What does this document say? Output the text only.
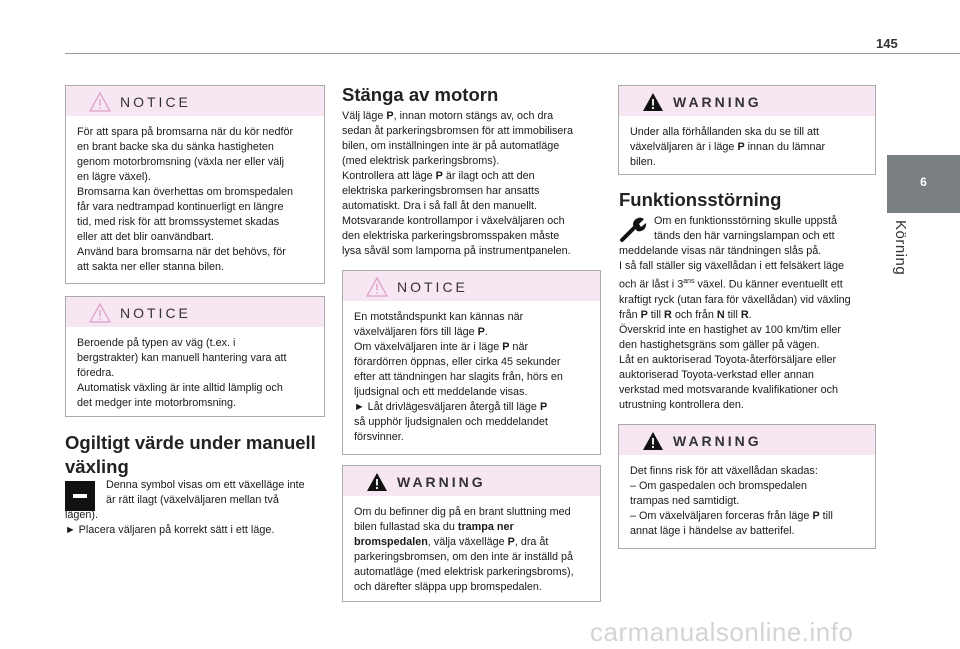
145
6
Körning
NOTICE

För att spara på bromsarna när du kör nedför

en brant backe ska du sänka hastigheten

genom motorbromsning (växla ner eller välj

en lägre växel).

Bromsarna kan överhettas om bromspedalen

får vara nedtrampad kontinuerligt en längre

tid, med risk för att bromssystemet skadas

eller att det blir oanvändbart.

Använd bara bromsarna när det behövs, för

att sakta ner eller stanna bilen.

NOTICE

Beroende på typen av väg (t.ex. i

bergstrakter) kan manuell hantering vara att

föredra.

Automatisk växling är inte alltid lämplig och

det medger inte motorbromsning.

Ogiltigt värde under manuell
växling

Denna symbol visas om ett växelläge inte

är rätt ilagt (växelväljaren mellan två

lägen).

► Placera väljaren på korrekt sätt i ett läge.

Stänga av motorn

Välj läge P, innan motorn stängs av, och dra

sedan åt parkeringsbromsen för att immobilisera

bilen, om inställningen inte är på automatläge

(med elektrisk parkeringsbroms).

Kontrollera att läge P är ilagt och att den

elektriska parkeringsbromsen har ansatts

automatiskt. Dra i så fall åt den manuellt.

Motsvarande kontrollampor i växelväljaren och

den elektriska parkeringsbromsspaken måste

lysa såväl som lamporna på instrumentpanelen.

NOTICE

En motståndspunkt kan kännas när

växelväljaren förs till läge P.

Om växelväljaren inte är i läge P när

förardörren öppnas, eller cirka 45 sekunder

efter att tändningen har slagits från, hörs en

ljudsignal och ett meddelande visas.

► Låt drivlägesväljaren återgå till läge P

så upphör ljudsignalen och meddelandet

försvinner.

WARNING

Om du befinner dig på en brant sluttning med

bilen fullastad ska du trampa ner

bromspedalen, välja växelläge P, dra åt

parkeringsbromsen, om den inte är inställd på

automatläge (med elektrisk parkeringsbroms),

och därefter släppa upp bromspedalen.

WARNING

Under alla förhållanden ska du se till att

växelväljaren är i läge P innan du lämnar

bilen.

Funktionsstörning

Om en funktionsstörning skulle uppstå

tänds den här varningslampan och ett

meddelande visas när tändningen slås på.

I så fall ställer sig växellådan i ett felsäkert läge

och är låst i $3^{ans}$ växel. Du känner eventuellt ett

kraftigt ryck (utan fara för växellådan) vid växling

från P till R och från N till R.

Överskrid inte en hastighet av 100 km/tim eller

den hastighetsgräns som gäller på vägen.

Låt en auktoriserad Toyota-återförsäljare eller

auktoriserad Toyota-verkstad eller annan

verkstad med motsvarande kvalifikationer och

utrustning kontrollera den.

WARNING

Det finns risk för att växellådan skadas:

– Om gaspedalen och bromspedalen

trampas ned samtidigt.

– Om växelväljaren forceras från läge P till

annat läge i händelse av batterifel.

carmanualsonline.info
